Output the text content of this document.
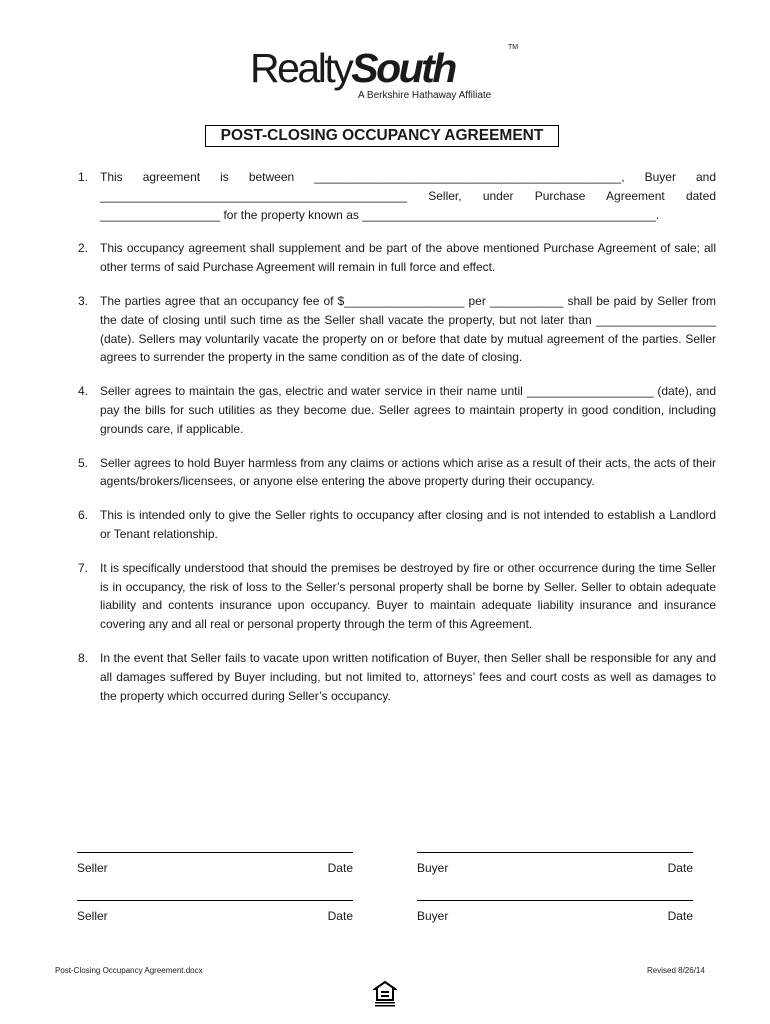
RealtySouth	TM
A Berkshire Hathaway Affiliate
POST-CLOSING OCCUPANCY AGREEMENT
1. This agreement is between ______________________________________________, Buyer and ______________________________________________ Seller, under Purchase Agreement dated __________________ for the property known as ____________________________________________.
2. This occupancy agreement shall supplement and be part of the above mentioned Purchase Agreement of sale; all other terms of said Purchase Agreement will remain in full force and effect.
3. The parties agree that an occupancy fee of $__________________ per ___________ shall be paid by Seller from the date of closing until such time as the Seller shall vacate the property, but not later than __________________ (date). Sellers may voluntarily vacate the property on or before that date by mutual agreement of the parties. Seller agrees to surrender the property in the same condition as of the date of closing.
4. Seller agrees to maintain the gas, electric and water service in their name until ___________________ (date), and pay the bills for such utilities as they become due. Seller agrees to maintain property in good condition, including grounds care, if applicable.
5. Seller agrees to hold Buyer harmless from any claims or actions which arise as a result of their acts, the acts of their agents/brokers/licensees, or anyone else entering the above property during their occupancy.
6. This is intended only to give the Seller rights to occupancy after closing and is not intended to establish a Landlord or Tenant relationship.
7. It is specifically understood that should the premises be destroyed by fire or other occurrence during the time Seller is in occupancy, the risk of loss to the Seller’s personal property shall be borne by Seller. Seller to obtain adequate liability and contents insurance upon occupancy. Buyer to maintain adequate liability insurance and insurance covering any and all real or personal property through the term of this Agreement.
8. In the event that Seller fails to vacate upon written notification of Buyer, then Seller shall be responsible for any and all damages suffered by Buyer including, but not limited to, attorneys’ fees and court costs as well as damages to the property which occurred during Seller’s occupancy.
Seller	Date	Buyer	Date
Seller	Date	Buyer	Date
Post-Closing Occupancy Agreement.docx	Revised 8/26/14
